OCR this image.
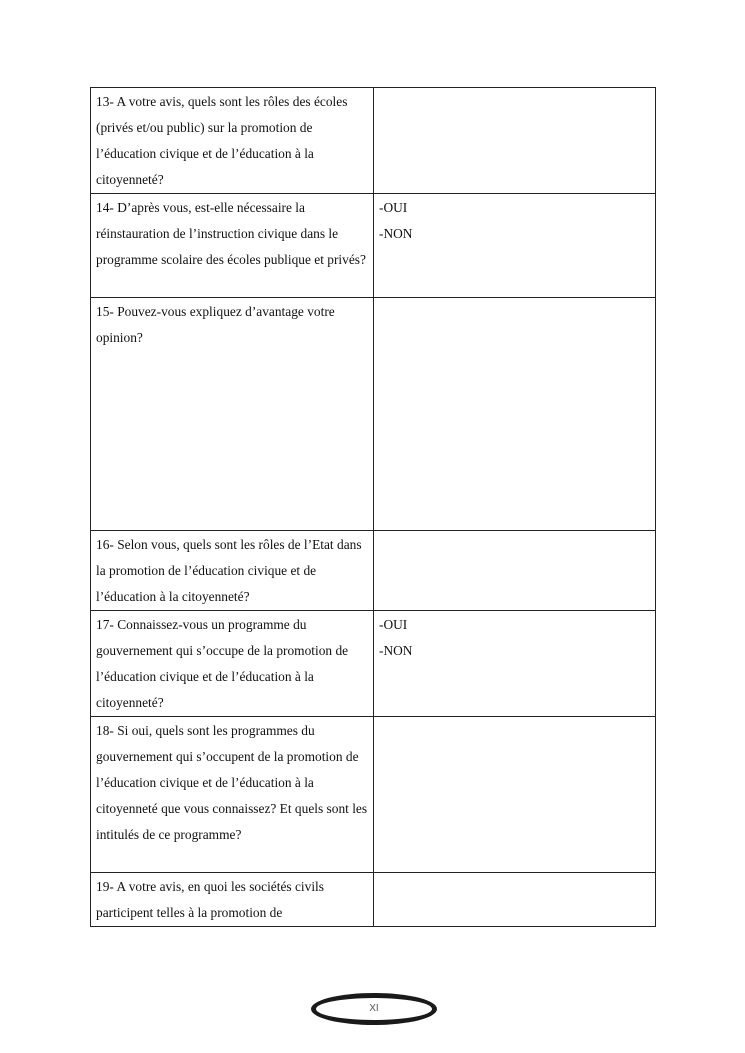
13- A votre avis, quels sont les rôles des écoles (privés et/ou public) sur la promotion de l’éducation civique et de l’éducation à la citoyenneté?	
14- D’après vous, est-elle nécessaire la réinstauration de l’instruction civique dans le programme scolaire des écoles publique et privés?	-OUI
-NON

15- Pouvez-vous expliquez d’avantage votre opinion?	
16- Selon vous, quels sont les rôles de l’Etat dans la promotion de l’éducation civique et de l’éducation à la citoyenneté?	
17- Connaissez-vous un programme du gouvernement qui s’occupe de la promotion de l’éducation civique et de l’éducation à la citoyenneté?	-OUI
-NON

18- Si oui, quels sont les programmes du gouvernement qui s’occupent de la promotion de l’éducation civique et de l’éducation à la citoyenneté que vous connaissez? Et quels sont les intitulés de ce programme?	
19- A votre avis, en quoi les sociétés civils participent telles à la promotion de	
XI
